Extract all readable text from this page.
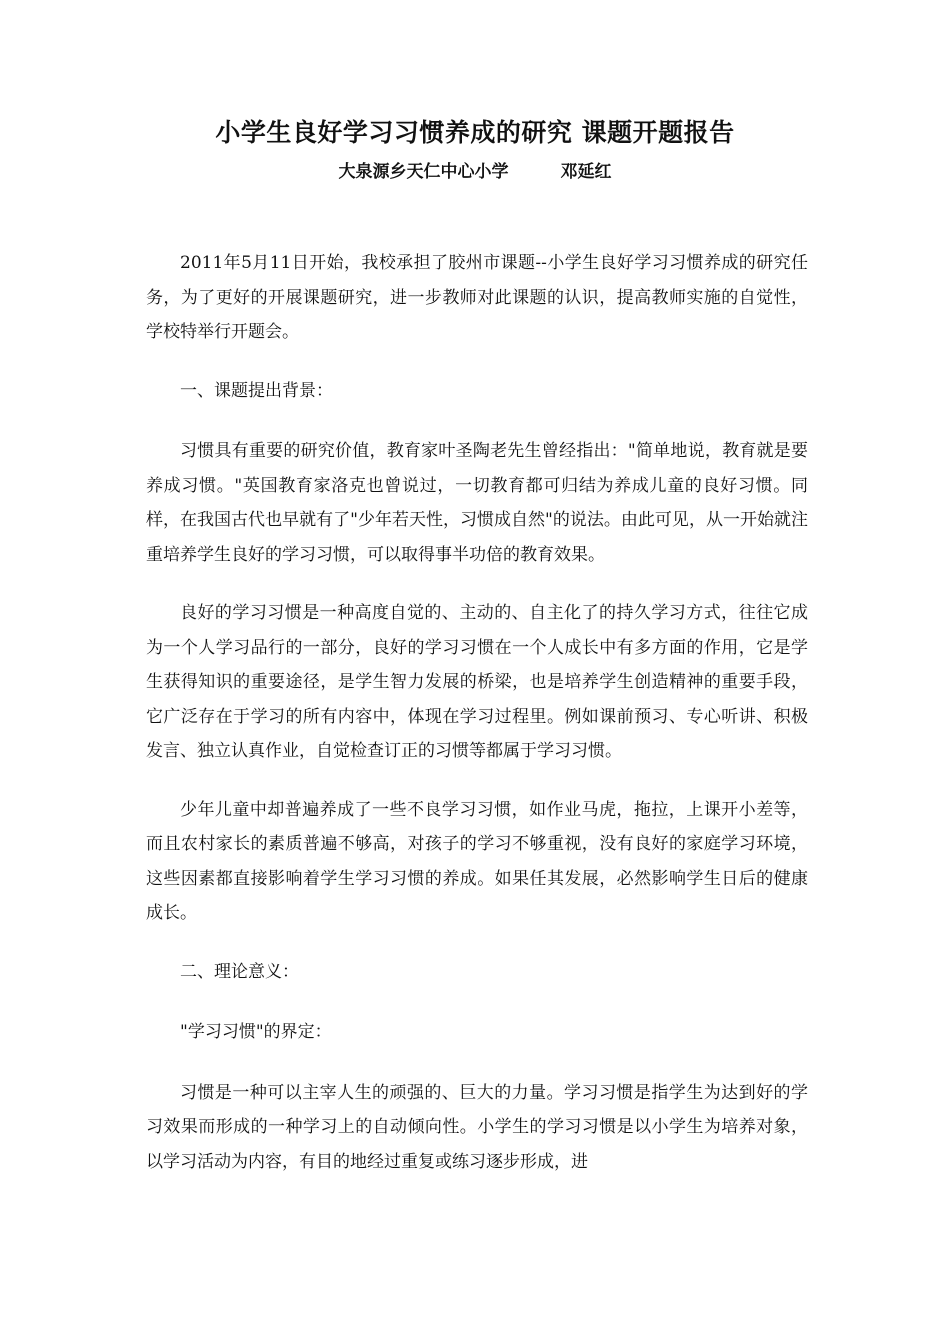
小学生良好学习习惯养成的研究 课题开题报告
大泉源乡天仁中心小学	邓延红

2011年5月11日开始，我校承担了胶州市课题--小学生良好学习习惯养成的研究任务，为了更好的开展课题研究，进一步教师对此课题的认识，提高教师实施的自觉性，学校特举行开题会。

一、课题提出背景：

习惯具有重要的研究价值，教育家叶圣陶老先生曾经指出："简单地说，教育就是要养成习惯。"英国教育家洛克也曾说过，一切教育都可归结为养成儿童的良好习惯。同样，在我国古代也早就有了"少年若天性，习惯成自然"的说法。由此可见，从一开始就注重培养学生良好的学习习惯，可以取得事半功倍的教育效果。

良好的学习习惯是一种高度自觉的、主动的、自主化了的持久学习方式，往往它成为一个人学习品行的一部分，良好的学习习惯在一个人成长中有多方面的作用，它是学生获得知识的重要途径，是学生智力发展的桥梁，也是培养学生创造精神的重要手段，它广泛存在于学习的所有内容中，体现在学习过程里。例如课前预习、专心听讲、积极发言、独立认真作业，自觉检查订正的习惯等都属于学习习惯。

少年儿童中却普遍养成了一些不良学习习惯，如作业马虎，拖拉，上课开小差等，而且农村家长的素质普遍不够高，对孩子的学习不够重视，没有良好的家庭学习环境，这些因素都直接影响着学生学习习惯的养成。如果任其发展，必然影响学生日后的健康成长。

二、理论意义：

"学习习惯"的界定：

习惯是一种可以主宰人生的顽强的、巨大的力量。学习习惯是指学生为达到好的学习效果而形成的一种学习上的自动倾向性。小学生的学习习惯是以小学生为培养对象，以学习活动为内容，有目的地经过重复或练习逐步形成，进
